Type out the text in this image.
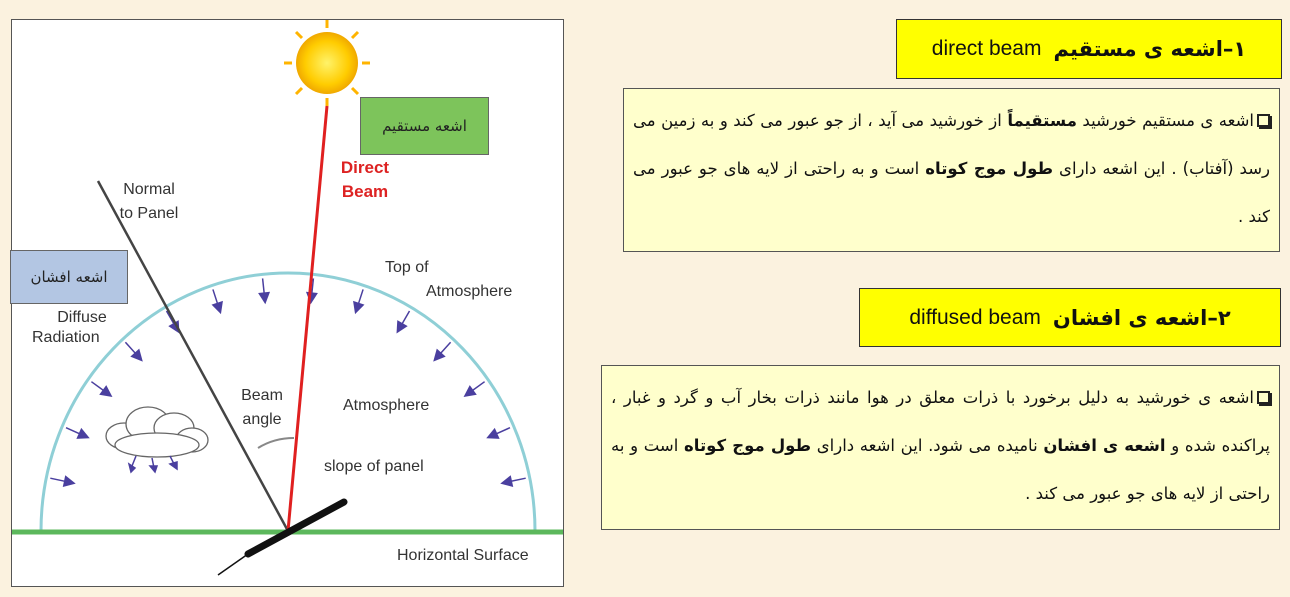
اشعه مستقیم
اشعه افشان
Direct
Beam
Normal
to Panel
Top of
Atmosphere
Diffuse
Radiation
Beam
angle
Atmosphere
slope of panel
Horizontal Surface
direct beam ۱–اشعه ی مستقیم
اشعه ی مستقیم خورشید مستقیماً از خورشید می آید ، از جو عبور می کند و به زمین می رسد (آفتاب) . این اشعه دارای طول موج کوتاه است و به راحتی از لایه های جو عبور می کند .
diffused beam ۲–اشعه ی افشان
اشعه ی خورشید به دلیل برخورد با ذرات معلق در هوا مانند ذرات بخار آب و گرد و غبار ، پراکنده شده و اشعه ی افشان نامیده می شود. این اشعه دارای طول موج کوتاه است و به راحتی از لایه های جو عبور می کند .
